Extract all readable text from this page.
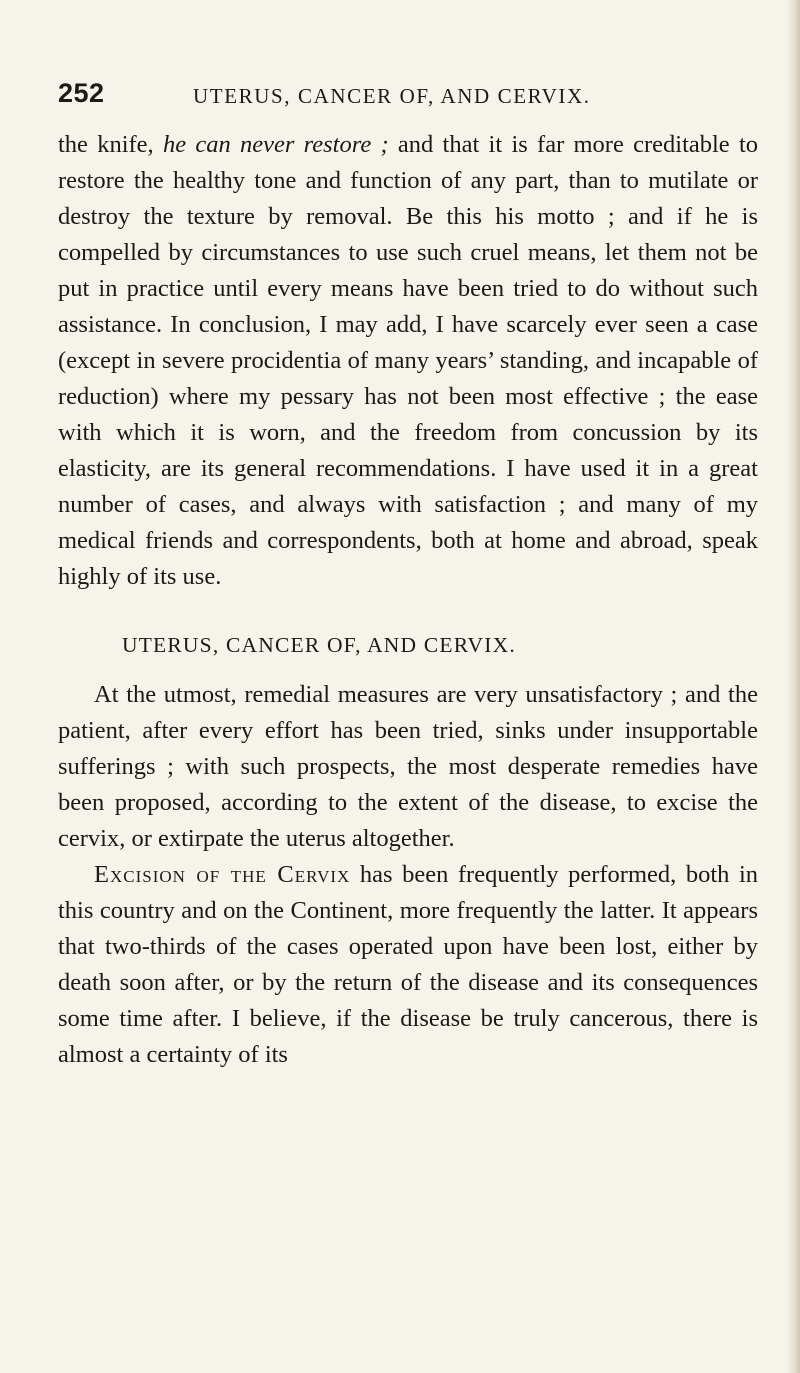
252	UTERUS, CANCER OF, AND CERVIX.

the knife, he can never restore ; and that it is far more creditable to restore the healthy tone and function of any part, than to mutilate or destroy the texture by removal. Be this his motto ; and if he is compelled by circumstances to use such cruel means, let them not be put in practice until every means have been tried to do without such assistance. In conclusion, I may add, I have scarcely ever seen a case (except in severe procidentia of many years’ standing, and incapable of reduction) where my pessary has not been most effective ; the ease with which it is worn, and the freedom from concussion by its elasticity, are its general recommendations. I have used it in a great number of cases, and always with satisfaction ; and many of my medical friends and correspondents, both at home and abroad, speak highly of its use.

UTERUS, CANCER OF, AND CERVIX.

At the utmost, remedial measures are very unsatisfactory ; and the patient, after every effort has been tried, sinks under insupportable sufferings ; with such prospects, the most desperate remedies have been proposed, according to the extent of the disease, to excise the cervix, or extirpate the uterus altogether.

Excision of the Cervix has been frequently performed, both in this country and on the Continent, more frequently the latter. It appears that two-thirds of the cases operated upon have been lost, either by death soon after, or by the return of the disease and its consequences some time after. I believe, if the disease be truly cancerous, there is almost a certainty of its
